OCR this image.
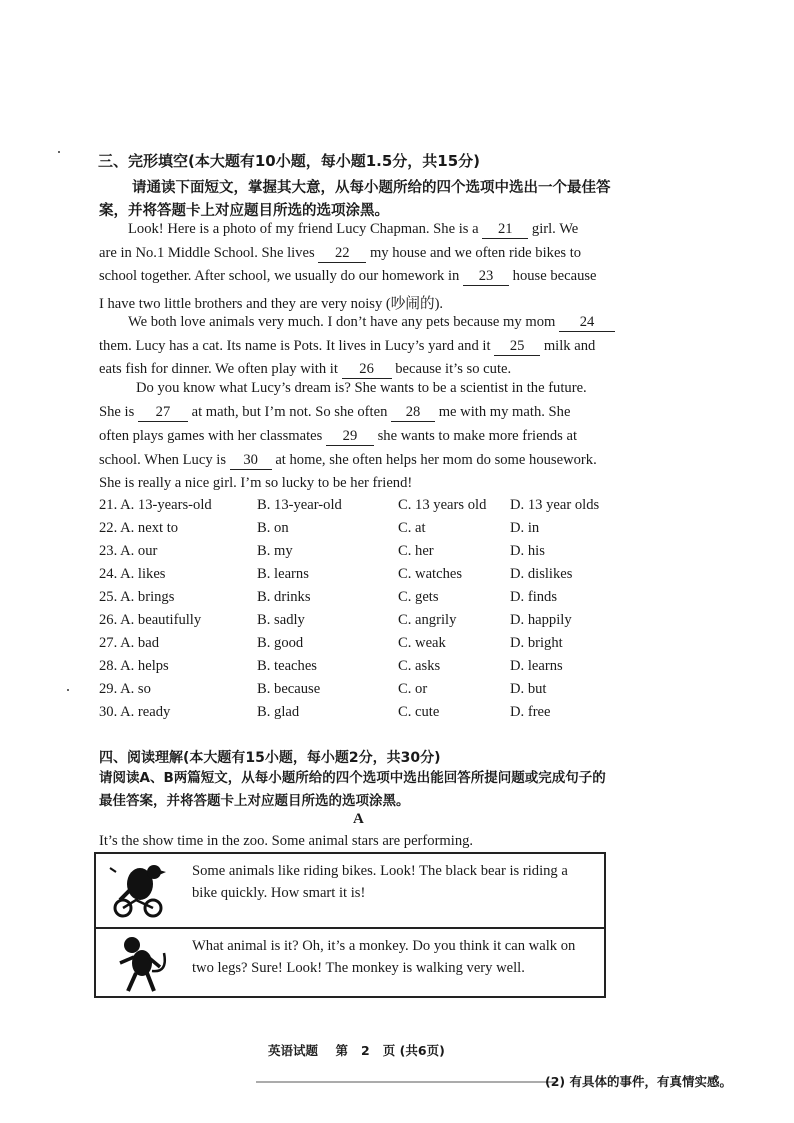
三、完形填空(本大题有10小题，每小题1.5分，共15分)
请通读下面短文，掌握其大意，从每小题所给的四个选项中选出一个最佳答
案，并将答题卡上对应题目所选的选项涂黑。
Look! Here is a photo of my friend Lucy Chapman. She is a 21 girl. We
are in No.1 Middle School. She lives 22 my house and we often ride bikes to
school together. After school, we usually do our homework in 23 house because
I have two little brothers and they are very noisy (吵闹的).
We both love animals very much. I don’t have any pets because my mom 24
them. Lucy has a cat. Its name is Pots. It lives in Lucy’s yard and it 25 milk and
eats fish for dinner. We often play with it 26 because it’s so cute.
Do you know what Lucy’s dream is? She wants to be a scientist in the future.
She is 27 at math, but I’m not. So she often 28 me with my math. She
often plays games with her classmates 29 she wants to make more friends at
school. When Lucy is 30 at home, she often helps her mom do some housework.
She is really a nice girl. I’m so lucky to be her friend!
21. A. 13-years-old	B. 13-year-old	C. 13 years old D. 13 year olds
22. A. next to	B. on	C. at	D. in
23. A. our	B. my	C. her	D. his
24. A. likes	B. learns	C. watches	D. dislikes
25. A. brings	B. drinks	C. gets	D. finds
26. A. beautifully	B. sadly	C. angrily	D. happily
27. A. bad	B. good	C. weak	D. bright
28. A. helps	B. teaches	C. asks	D. learns
29. A. so	B. because	C. or	D. but
30. A. ready	B. glad	C. cute	D. free
四、阅读理解(本大题有15小题，每小题2分，共30分)
请阅读A、B两篇短文，从每小题所给的四个选项中选出能回答所提问题或完成句子的
最佳答案，并将答题卡上对应题目所选的选项涂黑。
A
It’s the show time in the zoo. Some animal stars are performing.
Some animals like riding bikes. Look! The black bear is riding a bike quickly. How smart it is!
What animal is it? Oh, it’s a monkey. Do you think it can walk on two legs? Sure! Look! The monkey is walking very well.
英语试题 第 2 页 (共6页)
(2) 有具体的事件，有真情实感。
